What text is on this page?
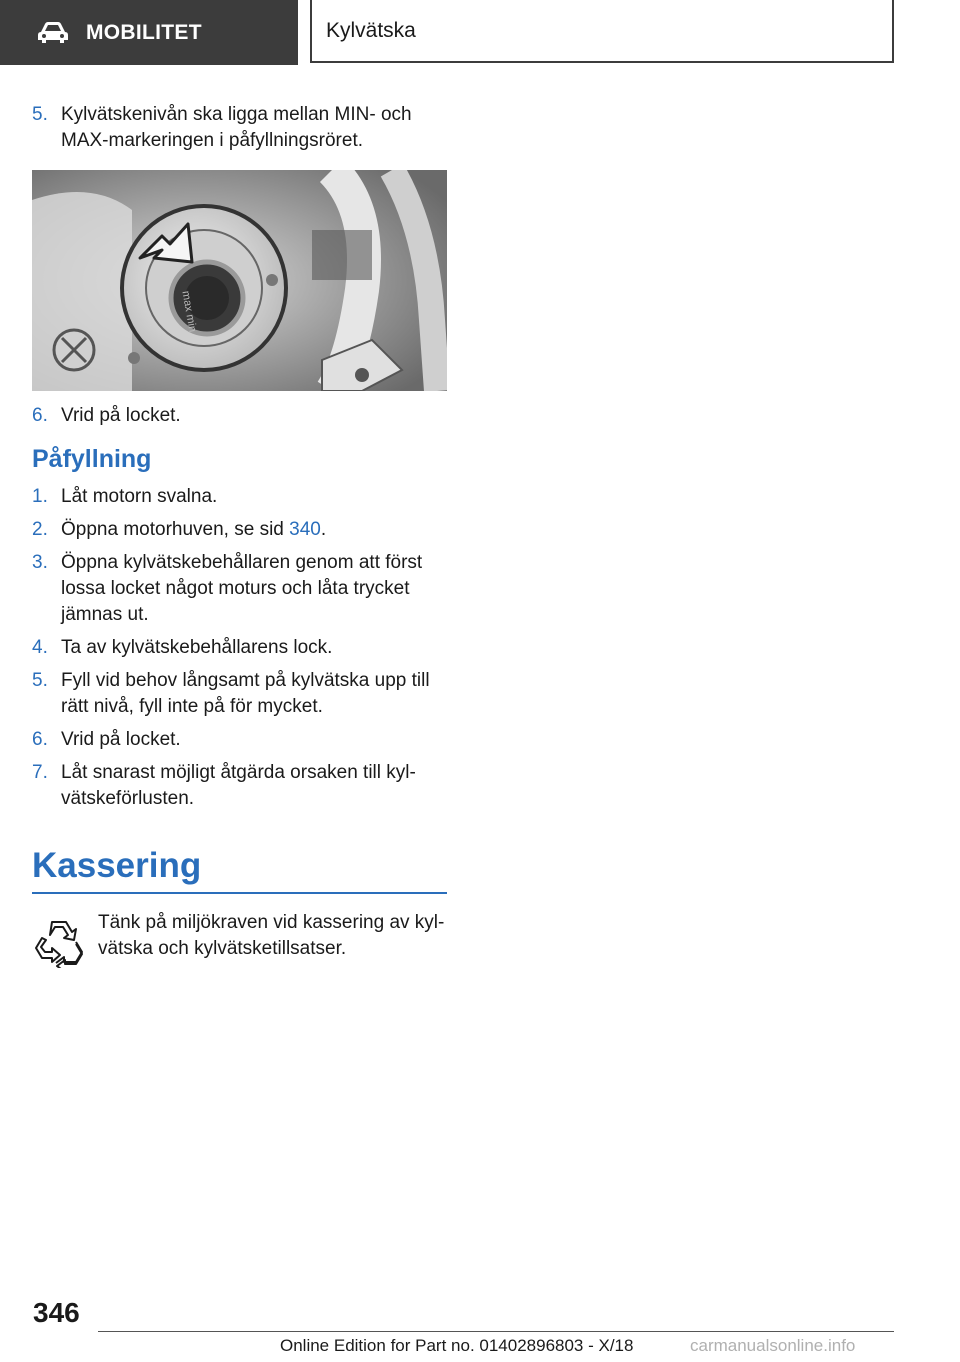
MOBILITET	Kylvätska
5. Kylvätskenivån ska ligga mellan MIN- och MAX-markeringen i påfyllningsröret.
max min
6. Vrid på locket.
Påfyllning
1. Låt motorn svalna.
2. Öppna motorhuven, se sid 340.
3. Öppna kylvätskebehållaren genom att först lossa locket något moturs och låta trycket jämnas ut.
4. Ta av kylvätskebehållarens lock.
5. Fyll vid behov långsamt på kylvätska upp till rätt nivå, fyll inte på för mycket.
6. Vrid på locket.
7. Låt snarast möjligt åtgärda orsaken till kyl-vätskeförlusten.
Kassering
Tänk på miljökraven vid kassering av kyl-vätska och kylvätsketillsatser.
346
Online Edition for Part no. 01402896803 - X/18	carmanualsonline.info
